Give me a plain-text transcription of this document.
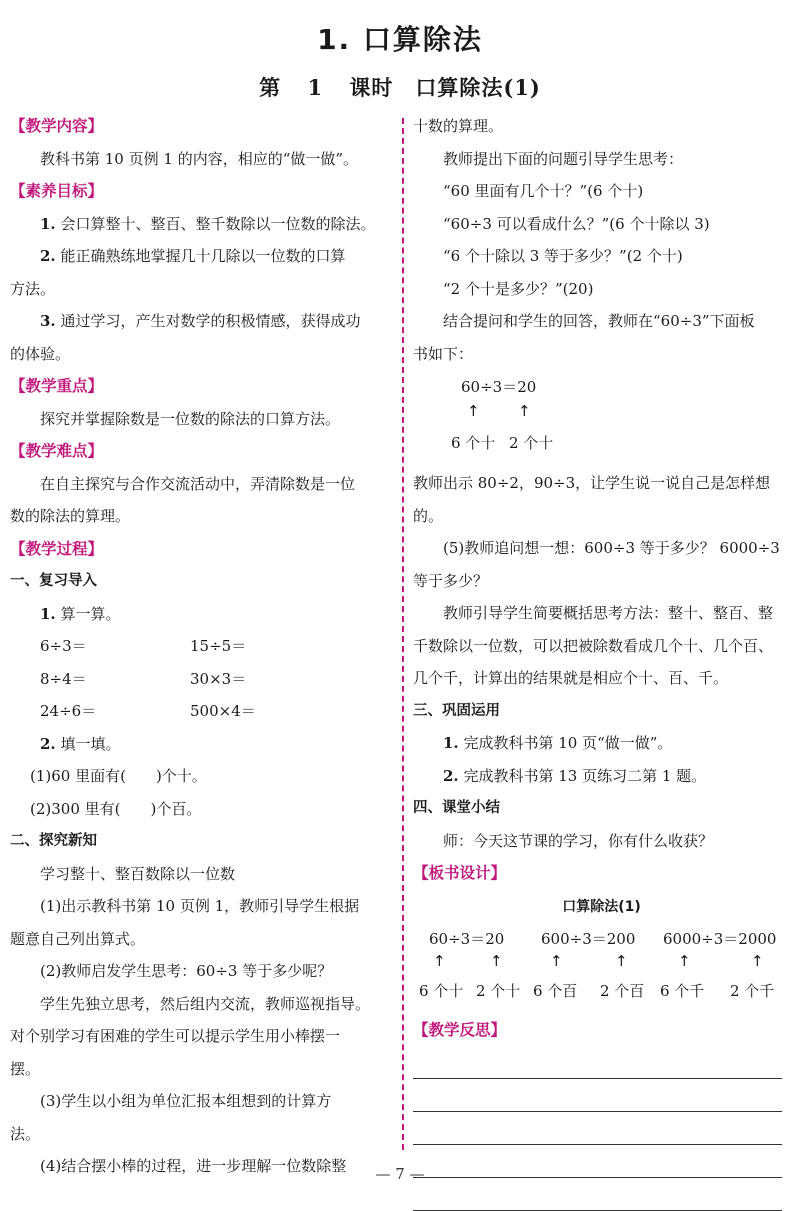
1. 口算除法
第 1 课时　口算除法(1)
【教学内容】
教科书第 10 页例 1 的内容，相应的“做一做”。
【素养目标】
1. 会口算整十、整百、整千数除以一位数的除法。
2. 能正确熟练地掌握几十几除以一位数的口算
方法。
3. 通过学习，产生对数学的积极情感，获得成功
的体验。
【教学重点】
探究并掌握除数是一位数的除法的口算方法。
【教学难点】
在自主探究与合作交流活动中，弄清除数是一位
数的除法的算理。
【教学过程】
一、复习导入
1. 算一算。
6÷3＝	15÷5＝
8÷4＝	30×3＝
24÷6＝	500×4＝
2. 填一填。
(1)60 里面有(　　)个十。
(2)300 里有(　　)个百。
二、探究新知
学习整十、整百数除以一位数
(1)出示教科书第 10 页例 1，教师引导学生根据
题意自己列出算式。
(2)教师启发学生思考：60÷3 等于多少呢？
学生先独立思考，然后组内交流，教师巡视指导。
对个别学习有困难的学生可以提示学生用小棒摆一
摆。
(3)学生以小组为单位汇报本组想到的计算方
法。
(4)结合摆小棒的过程，进一步理解一位数除整
十数的算理。
教师提出下面的问题引导学生思考：
“60 里面有几个十？”(6 个十)
“60÷3 可以看成什么？”(6 个十除以 3)
“6 个十除以 3 等于多少？”(2 个十)
“2 个十是多少？”(20)
结合提问和学生的回答，教师在“60÷3”下面板
书如下：
60÷3＝20
↑	↑
6 个十 2 个十
教师出示 80÷2，90÷3，让学生说一说自己是怎样想
的。
(5)教师追问想一想：600÷3 等于多少？ 6000÷3
等于多少？
教师引导学生简要概括思考方法：整十、整百、整
千数除以一位数，可以把被除数看成几个十、几个百、
几个千，计算出的结果就是相应个十、百、千。
三、巩固运用
1. 完成教科书第 10 页“做一做”。
2. 完成教科书第 13 页练习二第 1 题。
四、课堂小结
师：今天这节课的学习，你有什么收获？
【板书设计】
口算除法(1)
60÷3＝20 600÷3＝200 6000÷3＝2000
↑	↑	↑	↑	↑	↑
6 个十 2 个十 6 个百 2 个百 6 个千 2 个千
【教学反思】
— 7 —
